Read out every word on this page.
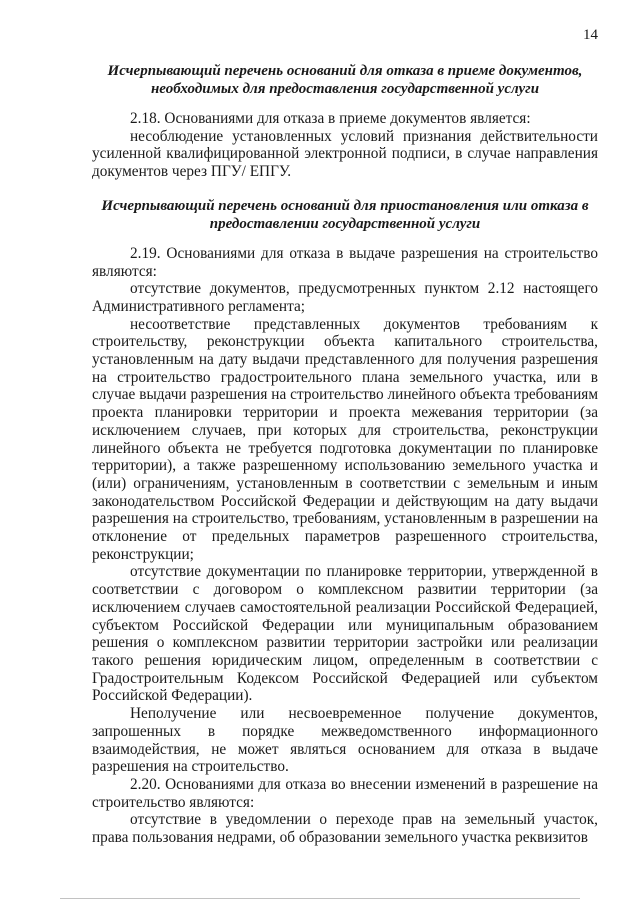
14

Исчерпывающий перечень оснований для отказа в приеме документов, необходимых для предоставления государственной услуги

2.18. Основаниями для отказа в приеме документов является:

несоблюдение установленных условий признания действительности усиленной квалифицированной электронной подписи, в случае направления документов через ПГУ/ ЕПГУ.

Исчерпывающий перечень оснований для приостановления или отказа в предоставлении государственной услуги

2.19. Основаниями для отказа в выдаче разрешения на строительство являются:

отсутствие документов, предусмотренных пунктом 2.12 настоящего Административного регламента;

несоответствие представленных документов требованиям к строительству, реконструкции объекта капитального строительства, установленным на дату выдачи представленного для получения разрешения на строительство градостроительного плана земельного участка, или в случае выдачи разрешения на строительство линейного объекта требованиям проекта планировки территории и проекта межевания территории (за исключением случаев, при которых для строительства, реконструкции линейного объекта не требуется подготовка документации по планировке территории), а также разрешенному использованию земельного участка и (или) ограничениям, установленным в соответствии с земельным и иным законодательством Российской Федерации и действующим на дату выдачи разрешения на строительство, требованиям, установленным в разрешении на отклонение от предельных параметров разрешенного строительства, реконструкции;

отсутствие документации по планировке территории, утвержденной в соответствии с договором о комплексном развитии территории (за исключением случаев самостоятельной реализации Российской Федерацией, субъектом Российской Федерации или муниципальным образованием решения о комплексном развитии территории застройки или реализации такого решения юридическим лицом, определенным в соответствии с Градостроительным Кодексом Российской Федерацией или субъектом Российской Федерации).

Неполучение или несвоевременное получение документов, запрошенных в порядке межведомственного информационного взаимодействия, не может являться основанием для отказа в выдаче разрешения на строительство.

2.20. Основаниями для отказа во внесении изменений в разрешение на строительство являются:

отсутствие в уведомлении о переходе прав на земельный участок, права пользования недрами, об образовании земельного участка реквизитов
